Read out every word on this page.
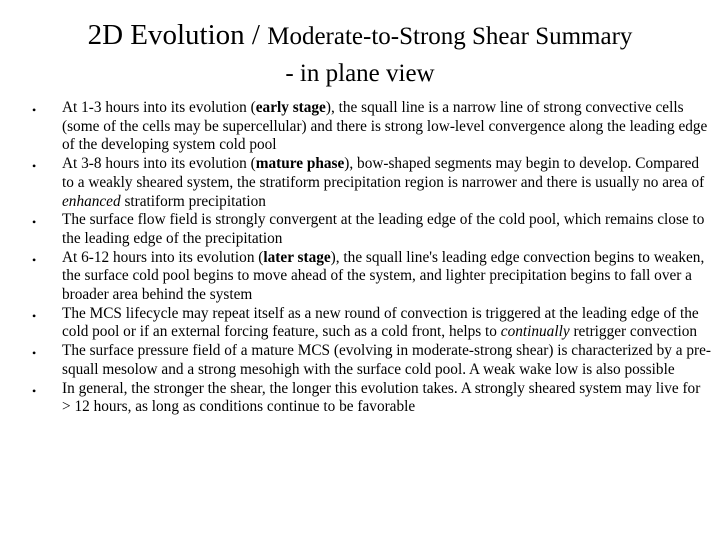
2D Evolution / Moderate-to-Strong Shear Summary
- in plane view
• At 1-3 hours into its evolution (early stage), the squall line is a narrow line of strong convective cells (some of the cells may be supercellular) and there is strong low-level convergence along the leading edge of the developing system cold pool
• At 3-8 hours into its evolution (mature phase), bow-shaped segments may begin to develop. Compared to a weakly sheared system, the stratiform precipitation region is narrower and there is usually no area of enhanced stratiform precipitation
• The surface flow field is strongly convergent at the leading edge of the cold pool, which remains close to the leading edge of the precipitation
• At 6-12 hours into its evolution (later stage), the squall line's leading edge convection begins to weaken, the surface cold pool begins to move ahead of the system, and lighter precipitation begins to fall over a broader area behind the system
• The MCS lifecycle may repeat itself as a new round of convection is triggered at the leading edge of the cold pool or if an external forcing feature, such as a cold front, helps to continually retrigger convection
• The surface pressure field of a mature MCS (evolving in moderate-strong shear) is characterized by a pre-squall mesolow and a strong mesohigh with the surface cold pool. A weak wake low is also possible
• In general, the stronger the shear, the longer this evolution takes. A strongly sheared system may live for > 12 hours, as long as conditions continue to be favorable
